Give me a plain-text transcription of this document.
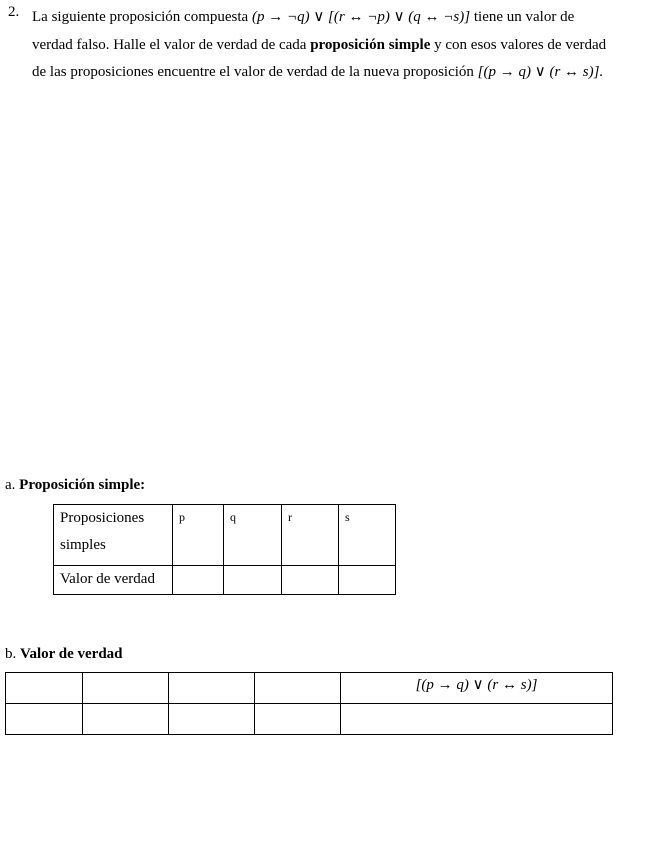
2. La siguiente proposición compuesta (p → ¬q) ∨ [(r ↔ ¬p) ∨ (q ↔ ¬s)] tiene un valor de verdad falso. Halle el valor de verdad de cada proposición simple y con esos valores de verdad de las proposiciones encuentre el valor de verdad de la nueva proposición [(p → q) ∨ (r ↔ s)].
a. Proposición simple:
Proposiciones simples	p	q	r	s
Valor de verdad				
b. Valor de verdad
				[(p → q) ∨ (r ↔ s)]
